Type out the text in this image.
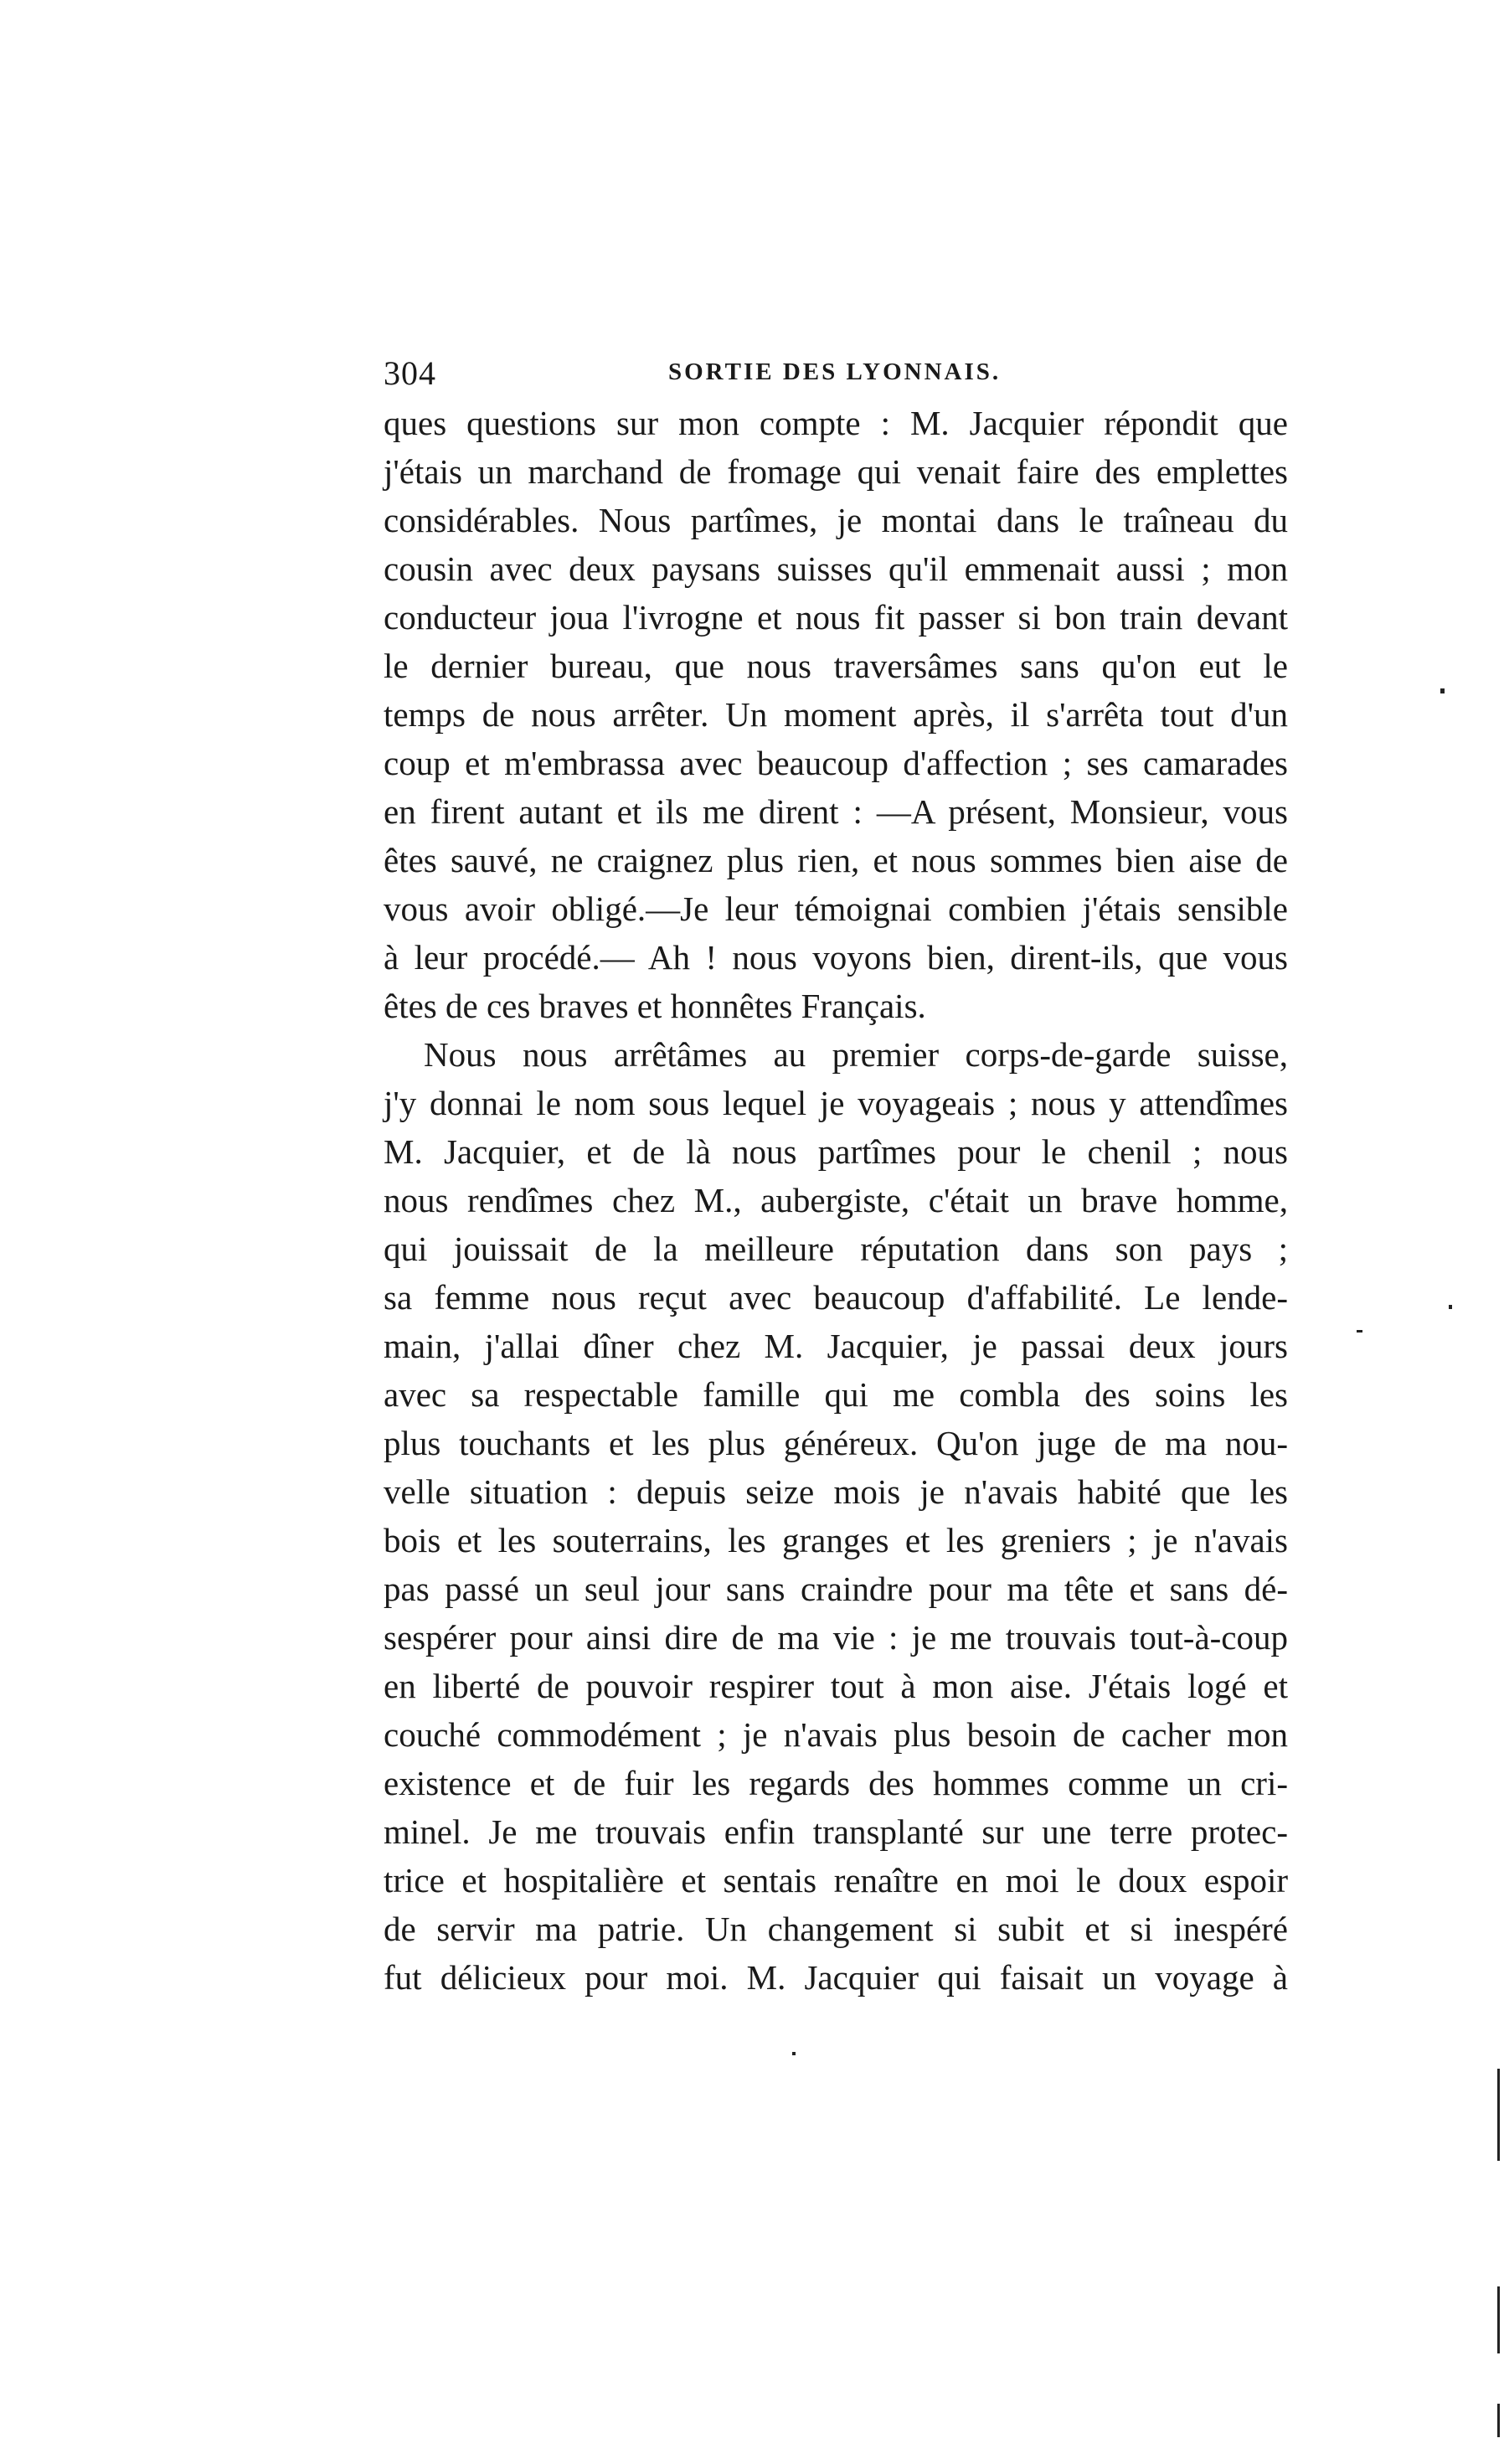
304	SORTIE DES LYONNAIS.
ques questions sur mon compte : M. Jacquier répondit que
j'étais un marchand de fromage qui venait faire des emplettes
considérables. Nous partîmes, je montai dans le traîneau du
cousin avec deux paysans suisses qu'il emmenait aussi ; mon
conducteur joua l'ivrogne et nous fit passer si bon train devant
le dernier bureau, que nous traversâmes sans qu'on eut le
temps de nous arrêter. Un moment après, il s'arrêta tout d'un
coup et m'embrassa avec beaucoup d'affection ; ses camarades
en firent autant et ils me dirent : —A présent, Monsieur, vous
êtes sauvé, ne craignez plus rien, et nous sommes bien aise de
vous avoir obligé.—Je leur témoignai combien j'étais sensible
à leur procédé.— Ah ! nous voyons bien, dirent-ils, que vous
êtes de ces braves et honnêtes Français.
Nous nous arrêtâmes au premier corps-de-garde suisse,
j'y donnai le nom sous lequel je voyageais ; nous y attendîmes
M. Jacquier, et de là nous partîmes pour le chenil ; nous
nous rendîmes chez M., aubergiste, c'était un brave homme,
qui jouissait de la meilleure réputation dans son pays ;
sa femme nous reçut avec beaucoup d'affabilité. Le lende-
main, j'allai dîner chez M. Jacquier, je passai deux jours
avec sa respectable famille qui me combla des soins les
plus touchants et les plus généreux. Qu'on juge de ma nou-
velle situation : depuis seize mois je n'avais habité que les
bois et les souterrains, les granges et les greniers ; je n'avais
pas passé un seul jour sans craindre pour ma tête et sans dé-
sespérer pour ainsi dire de ma vie : je me trouvais tout-à-coup
en liberté de pouvoir respirer tout à mon aise. J'étais logé et
couché commodément ; je n'avais plus besoin de cacher mon
existence et de fuir les regards des hommes comme un cri-
minel. Je me trouvais enfin transplanté sur une terre protec-
trice et hospitalière et sentais renaître en moi le doux espoir
de servir ma patrie. Un changement si subit et si inespéré
fut délicieux pour moi. M. Jacquier qui faisait un voyage à
